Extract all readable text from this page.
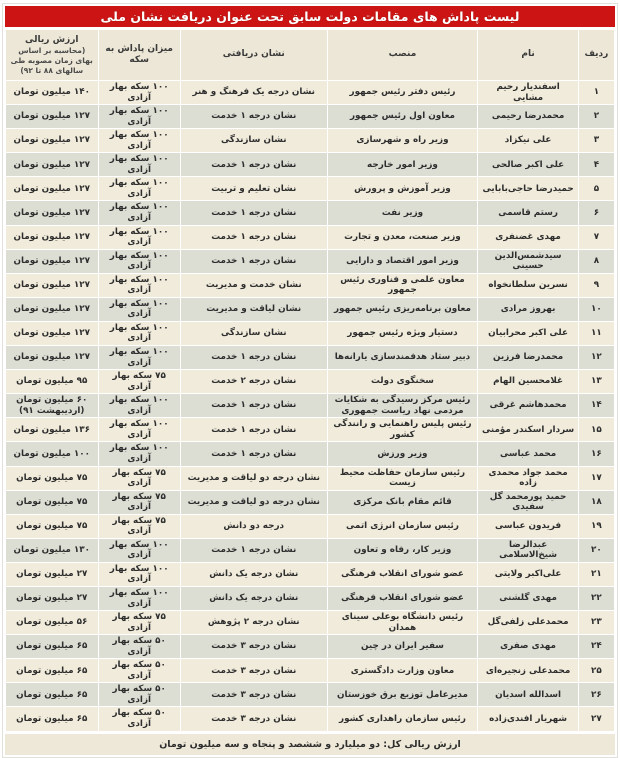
لیست پاداش های مقامات دولت سابق تحت عنوان دریافت نشان ملی
ردیف	نام	منصب	نشان دریافتی	میزان پاداش به سکه	ارزش ریالی
(محاسبه بر اساس بهای زمان مصوبه طی سالهای ۸۸ تا ۹۲)

۱	اسفندیار رحیم مشایی	رئیس دفتر رئیس جمهور	نشان درجه یک فرهنگ و هنر	۱۰۰ سکه بهار آزادی	۱۴۰ میلیون تومان
۲	محمدرضا رحیمی	معاون اول رئیس جمهور	نشان درجه ۱ خدمت	۱۰۰ سکه بهار آزادی	۱۲۷ میلیون تومان
۳	علی نیکزاد	وزیر راه و شهرسازی	نشان سازندگی	۱۰۰ سکه بهار آزادی	۱۲۷ میلیون تومان
۴	علی اکبر صالحی	وزیر امور خارجه	نشان درجه ۱ خدمت	۱۰۰ سکه بهار آزادی	۱۲۷ میلیون تومان
۵	حمیدرضا حاجی‌بابایی	وزیر آموزش و پرورش	نشان تعلیم و تربیت	۱۰۰ سکه بهار آزادی	۱۲۷ میلیون تومان
۶	رستم قاسمی	وزیر نفت	نشان درجه ۱ خدمت	۱۰۰ سکه بهار آزادی	۱۲۷ میلیون تومان
۷	مهدی غضنفری	وزیر صنعت، معدن و تجارت	نشان درجه ۱ خدمت	۱۰۰ سکه بهار آزادی	۱۲۷ میلیون تومان
۸	سیدشمس‌الدین حسینی	وزیر امور اقتصاد و دارایی	نشان درجه ۱ خدمت	۱۰۰ سکه بهار آزادی	۱۲۷ میلیون تومان
۹	نسرین سلطانخواه	معاون علمی و فناوری رئیس جمهور	نشان خدمت و مدیریت	۱۰۰ سکه بهار آزادی	۱۲۷ میلیون تومان
۱۰	بهروز مرادی	معاون برنامه‌ریزی رئیس جمهور	نشان لیاقت و مدیریت	۱۰۰ سکه بهار آزادی	۱۲۷ میلیون تومان
۱۱	علی اکبر محرابیان	دستیار ویژه رئیس جمهور	نشان سازندگی	۱۰۰ سکه بهار آزادی	۱۲۷ میلیون تومان
۱۲	محمدرضا فرزین	دبیر ستاد هدفمندسازی یارانه‌ها	نشان درجه ۱ خدمت	۱۰۰ سکه بهار آزادی	۱۲۷ میلیون تومان
۱۳	غلامحسین الهام	سخنگوی دولت	نشان درجه ۲ خدمت	۷۵ سکه بهار آزادی	۹۵ میلیون تومان
۱۴	محمدهاشم غرقی	رئیس مرکز رسیدگی به شکایات مردمی نهاد ریاست جمهوری	نشان درجه ۱ خدمت	۱۰۰ سکه بهار آزادی	۶۰ میلیون تومان (اردیبهشت ۹۱)
۱۵	سردار اسکندر مؤمنی	رئیس پلیس راهنمایی و رانندگی کشور	نشان درجه ۱ خدمت	۱۰۰ سکه بهار آزادی	۱۳۶ میلیون تومان
۱۶	محمد عباسی	وزیر ورزش	نشان درجه ۱ خدمت	۱۰۰ سکه بهار آزادی	۱۰۰ میلیون تومان
۱۷	محمد جواد محمدی زاده	رئیس سازمان حفاظت محیط زیست	نشان درجه دو لیاقت و مدیریت	۷۵ سکه بهار آزادی	۷۵ میلیون تومان
۱۸	حمید پورمحمد گل سفیدی	قائم مقام بانک مرکزی	نشان درجه دو لیاقت و مدیریت	۷۵ سکه بهار آزادی	۷۵ میلیون تومان
۱۹	فریدون عباسی	رئیس سازمان انرژی اتمی	درجه دو دانش	۷۵ سکه بهار آزادی	۷۵ میلیون تومان
۲۰	عبدالرضا شیخ‌الاسلامی	وزیر کار، رفاه و تعاون	نشان درجه ۱ خدمت	۱۰۰ سکه بهار آزادی	۱۳۰ میلیون تومان
۲۱	علی‌اکبر ولایتی	عضو شورای انقلاب فرهنگی	نشان درجه یک دانش	۱۰۰ سکه بهار آزادی	۲۷ میلیون تومان
۲۲	مهدی گلشنی	عضو شورای انقلاب فرهنگی	نشان درجه یک دانش	۱۰۰ سکه بهار آزادی	۲۷ میلیون تومان
۲۳	محمدعلی زلفی‌گل	رئیس دانشگاه بوعلی سینای همدان	نشان درجه ۲ پژوهش	۷۵ سکه بهار آزادی	۵۶ میلیون تومان
۲۴	مهدی صفری	سفیر ایران در چین	نشان درجه ۳ خدمت	۵۰ سکه بهار آزادی	۶۵ میلیون تومان
۲۵	محمدعلی زنجیره‌ای	معاون وزارت دادگستری	نشان درجه ۳ خدمت	۵۰ سکه بهار آزادی	۶۵ میلیون تومان
۲۶	اسدالله اسدیان	مدیرعامل توزیع برق خوزستان	نشان درجه ۳ خدمت	۵۰ سکه بهار آزادی	۶۵ میلیون تومان
۲۷	شهریار افندی‌زاده	رئیس سازمان راهداری کشور	نشان درجه ۳ خدمت	۵۰ سکه بهار آزادی	۶۵ میلیون تومان
ارزش ریالی کل: دو میلیارد و ششصد و پنجاه و سه میلیون تومان
